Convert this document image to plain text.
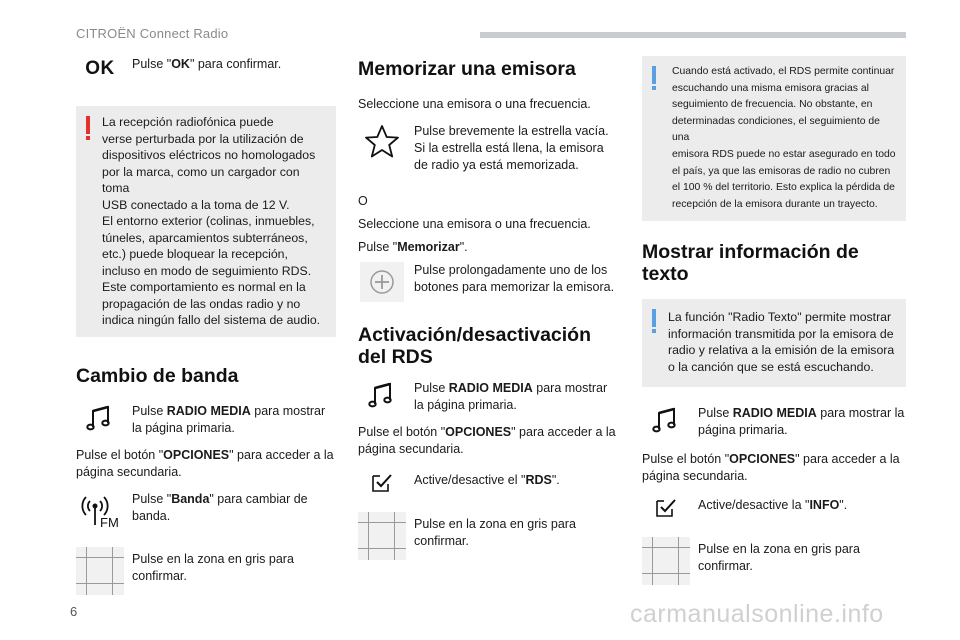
CITROËN Connect Radio
OK Pulse "OK" para confirmar.
La recepción radiofónica puede
verse perturbada por la utilización de
dispositivos eléctricos no homologados
por la marca, como un cargador con toma
USB conectado a la toma de 12 V.
El entorno exterior (colinas, inmuebles,
túneles, aparcamientos subterráneos,
etc.) puede bloquear la recepción,
incluso en modo de seguimiento RDS.
Este comportamiento es normal en la
propagación de las ondas radio y no
indica ningún fallo del sistema de audio.
Cambio de banda
Pulse RADIO MEDIA para mostrar la página primaria.

Pulse el botón "OPCIONES" para acceder a la página secundaria.

FM
Pulse "Banda" para cambiar de banda.
Pulse en la zona en gris para confirmar.
Memorizar una emisora

Seleccione una emisora o una frecuencia.

Pulse brevemente la estrella vacía. Si la estrella está llena, la emisora de radio ya está memorizada.

O

Seleccione una emisora o una frecuencia.

Pulse "Memorizar".

Pulse prolongadamente uno de los botones para memorizar la emisora.
Activación/desactivación
del RDS
Pulse RADIO MEDIA para mostrar la página primaria.

Pulse el botón "OPCIONES" para acceder a la página secundaria.

Active/desactive el "RDS".
Pulse en la zona en gris para confirmar.
Cuando está activado, el RDS permite continuar
escuchando una misma emisora gracias al
seguimiento de frecuencia. No obstante, en
determinadas condiciones, el seguimiento de una
emisora RDS puede no estar asegurado en todo
el país, ya que las emisoras de radio no cubren
el 100 % del territorio. Esto explica la pérdida de
recepción de la emisora durante un trayecto.
Mostrar información de
texto
La función "Radio Texto" permite mostrar
información transmitida por la emisora de
radio y relativa a la emisión de la emisora
o la canción que se está escuchando.
Pulse RADIO MEDIA para mostrar la página primaria.

Pulse el botón "OPCIONES" para acceder a la página secundaria.

Active/desactive la "INFO".
Pulse en la zona en gris para confirmar.
6	carmanualsonline.info
